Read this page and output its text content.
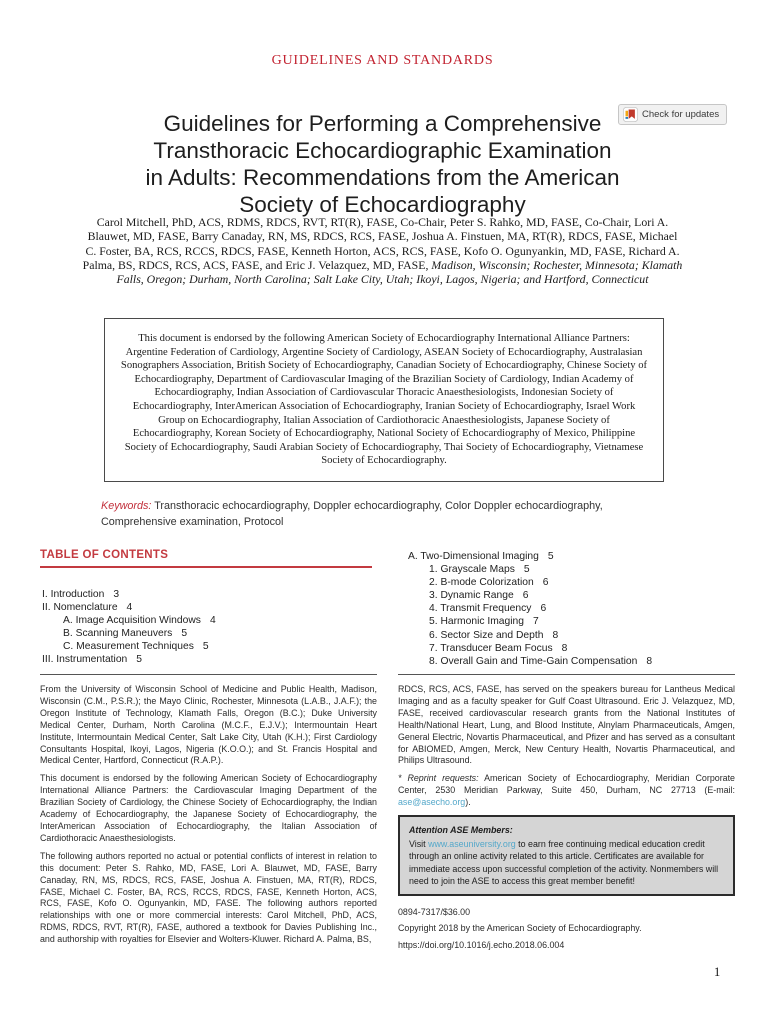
GUIDELINES AND STANDARDS
Guidelines for Performing a Comprehensive
Transthoracic Echocardiographic Examination
in Adults: Recommendations from the American
Society of Echocardiography
Check for updates
Carol Mitchell, PhD, ACS, RDMS, RDCS, RVT, RT(R), FASE, Co-Chair, Peter S. Rahko, MD, FASE, Co-Chair, Lori A. Blauwet, MD, FASE, Barry Canaday, RN, MS, RDCS, RCS, FASE, Joshua A. Finstuen, MA, RT(R), RDCS, FASE, Michael C. Foster, BA, RCS, RCCS, RDCS, FASE, Kenneth Horton, ACS, RCS, FASE, Kofo O. Ogunyankin, MD, FASE, Richard A. Palma, BS, RDCS, RCS, ACS, FASE, and Eric J. Velazquez, MD, FASE, Madison, Wisconsin; Rochester, Minnesota; Klamath Falls, Oregon; Durham, North Carolina; Salt Lake City, Utah; Ikoyi, Lagos, Nigeria; and Hartford, Connecticut
This document is endorsed by the following American Society of Echocardiography International Alliance Partners: Argentine Federation of Cardiology, Argentine Society of Cardiology, ASEAN Society of Echocardiography, Australasian Sonographers Association, British Society of Echocardiography, Canadian Society of Echocardiography, Chinese Society of Echocardiography, Department of Cardiovascular Imaging of the Brazilian Society of Cardiology, Indian Academy of Echocardiography, Indian Association of Cardiovascular Thoracic Anaesthesiologists, Indonesian Society of Echocardiography, InterAmerican Association of Echocardiography, Iranian Society of Echocardiography, Israel Work Group on Echocardiography, Italian Association of Cardiothoracic Anaesthesiologists, Japanese Society of Echocardiography, Korean Society of Echocardiography, National Society of Echocardiography of Mexico, Philippine Society of Echocardiography, Saudi Arabian Society of Echocardiography, Thai Society of Echocardiography, Vietnamese Society of Echocardiography.
Keywords: Transthoracic echocardiography, Doppler echocardiography, Color Doppler echocardiography, Comprehensive examination, Protocol
TABLE OF CONTENTS
I. Introduction 3
II. Nomenclature 4
A. Image Acquisition Windows 4
B. Scanning Maneuvers 5
C. Measurement Techniques 5
III. Instrumentation 5
A. Two-Dimensional Imaging 5
1. Grayscale Maps 5
2. B-mode Colorization 6
3. Dynamic Range 6
4. Transmit Frequency 6
5. Harmonic Imaging 7
6. Sector Size and Depth 8
7. Transducer Beam Focus 8
8. Overall Gain and Time-Gain Compensation 8

From the University of Wisconsin School of Medicine and Public Health, Madison, Wisconsin (C.M., P.S.R.); the Mayo Clinic, Rochester, Minnesota (L.A.B., J.A.F.); the Oregon Institute of Technology, Klamath Falls, Oregon (B.C.); Duke University Medical Center, Durham, North Carolina (M.C.F., E.J.V.); Intermountain Heart Institute, Intermountain Medical Center, Salt Lake City, Utah (K.H.); First Cardiology Consultants Hospital, Ikoyi, Lagos, Nigeria (K.O.O.); and St. Francis Hospital and Medical Center, Hartford, Connecticut (R.A.P.).

This document is endorsed by the following American Society of Echocardiography International Alliance Partners: the Cardiovascular Imaging Department of the Brazilian Society of Cardiology, the Chinese Society of Echocardiography, the Indian Academy of Echocardiography, the Japanese Society of Echocardiography, the InterAmerican Association of Echocardiography, the Italian Association of Cardiothoracic Anaesthesiologists.

The following authors reported no actual or potential conflicts of interest in relation to this document: Peter S. Rahko, MD, FASE, Lori A. Blauwet, MD, FASE, Barry Canaday, RN, MS, RDCS, RCS, FASE, Joshua A. Finstuen, MA, RT(R), RDCS, FASE, Michael C. Foster, BA, RCS, RCCS, RDCS, FASE, Kenneth Horton, ACS, RCS, FASE, Kofo O. Ogunyankin, MD, FASE. The following authors reported relationships with one or more commercial interests: Carol Mitchell, PhD, ACS, RDMS, RDCS, RVT, RT(R), FASE, authored a textbook for Davies Publishing Inc., and authorship with royalties for Elsevier and Wolters-Kluwer. Richard A. Palma, BS,

RDCS, RCS, ACS, FASE, has served on the speakers bureau for Lantheus Medical Imaging and as a faculty speaker for Gulf Coast Ultrasound. Eric J. Velazquez, MD, FASE, received cardiovascular research grants from the National Institutes of Health/National Heart, Lung, and Blood Institute, Alnylam Pharmaceuticals, Amgen, General Electric, Novartis Pharmaceutical, and Pfizer and has served as a consultant for ABIOMED, Amgen, Merck, New Century Health, Novartis Pharmaceutical, and Philips Ultrasound.

* Reprint requests: American Society of Echocardiography, Meridian Corporate Center, 2530 Meridian Parkway, Suite 450, Durham, NC 27713 (E-mail: ase@asecho.org).

Attention ASE Members:
Visit www.aseuniversity.org to earn free continuing medical education credit through an online activity related to this article. Certificates are available for immediate access upon successful completion of the activity. Nonmembers will need to join the ASE to access this great member benefit!
0894-7317/$36.00
Copyright 2018 by the American Society of Echocardiography.
https://doi.org/10.1016/j.echo.2018.06.004
1
